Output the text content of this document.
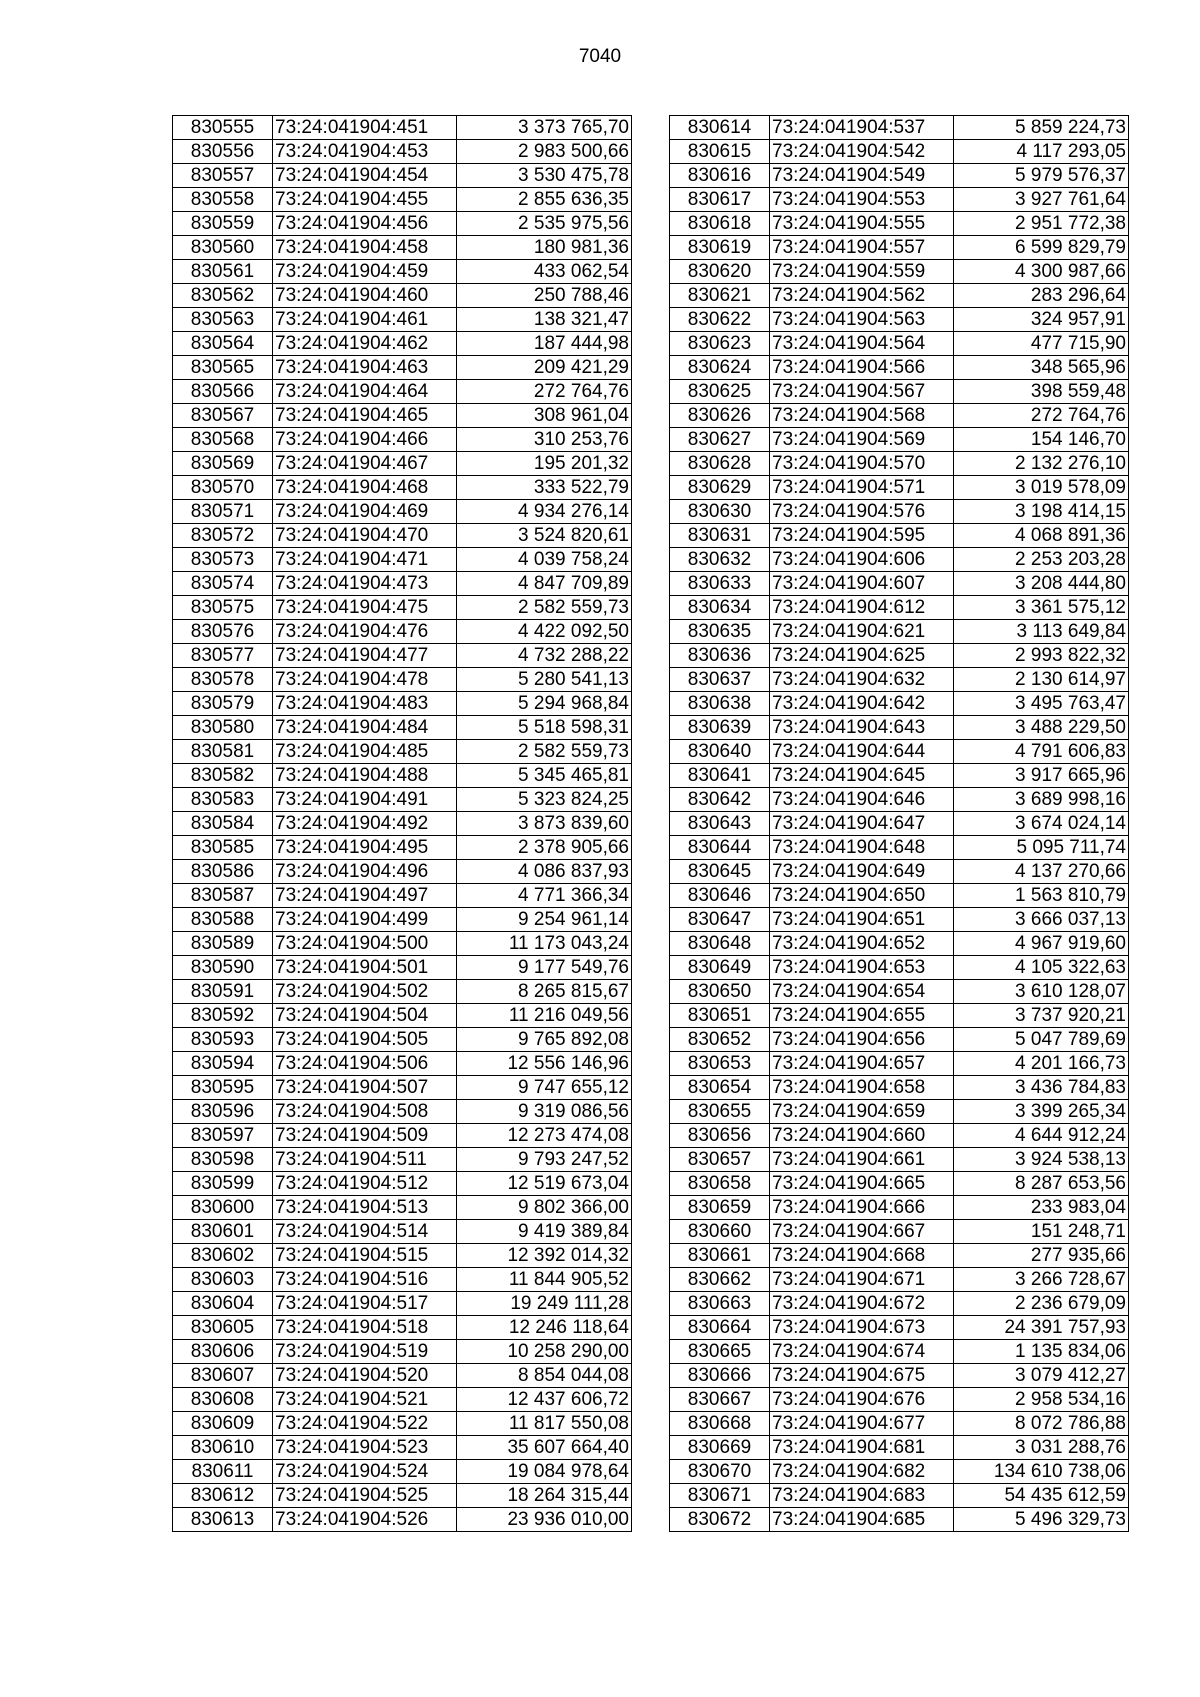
7040
830555	73:24:041904:451	3 373 765,70
830556	73:24:041904:453	2 983 500,66
830557	73:24:041904:454	3 530 475,78
830558	73:24:041904:455	2 855 636,35
830559	73:24:041904:456	2 535 975,56
830560	73:24:041904:458	180 981,36
830561	73:24:041904:459	433 062,54
830562	73:24:041904:460	250 788,46
830563	73:24:041904:461	138 321,47
830564	73:24:041904:462	187 444,98
830565	73:24:041904:463	209 421,29
830566	73:24:041904:464	272 764,76
830567	73:24:041904:465	308 961,04
830568	73:24:041904:466	310 253,76
830569	73:24:041904:467	195 201,32
830570	73:24:041904:468	333 522,79
830571	73:24:041904:469	4 934 276,14
830572	73:24:041904:470	3 524 820,61
830573	73:24:041904:471	4 039 758,24
830574	73:24:041904:473	4 847 709,89
830575	73:24:041904:475	2 582 559,73
830576	73:24:041904:476	4 422 092,50
830577	73:24:041904:477	4 732 288,22
830578	73:24:041904:478	5 280 541,13
830579	73:24:041904:483	5 294 968,84
830580	73:24:041904:484	5 518 598,31
830581	73:24:041904:485	2 582 559,73
830582	73:24:041904:488	5 345 465,81
830583	73:24:041904:491	5 323 824,25
830584	73:24:041904:492	3 873 839,60
830585	73:24:041904:495	2 378 905,66
830586	73:24:041904:496	4 086 837,93
830587	73:24:041904:497	4 771 366,34
830588	73:24:041904:499	9 254 961,14
830589	73:24:041904:500	11 173 043,24
830590	73:24:041904:501	9 177 549,76
830591	73:24:041904:502	8 265 815,67
830592	73:24:041904:504	11 216 049,56
830593	73:24:041904:505	9 765 892,08
830594	73:24:041904:506	12 556 146,96
830595	73:24:041904:507	9 747 655,12
830596	73:24:041904:508	9 319 086,56
830597	73:24:041904:509	12 273 474,08
830598	73:24:041904:511	9 793 247,52
830599	73:24:041904:512	12 519 673,04
830600	73:24:041904:513	9 802 366,00
830601	73:24:041904:514	9 419 389,84
830602	73:24:041904:515	12 392 014,32
830603	73:24:041904:516	11 844 905,52
830604	73:24:041904:517	19 249 111,28
830605	73:24:041904:518	12 246 118,64
830606	73:24:041904:519	10 258 290,00
830607	73:24:041904:520	8 854 044,08
830608	73:24:041904:521	12 437 606,72
830609	73:24:041904:522	11 817 550,08
830610	73:24:041904:523	35 607 664,40
830611	73:24:041904:524	19 084 978,64
830612	73:24:041904:525	18 264 315,44
830613	73:24:041904:526	23 936 010,00
830614	73:24:041904:537	5 859 224,73
830615	73:24:041904:542	4 117 293,05
830616	73:24:041904:549	5 979 576,37
830617	73:24:041904:553	3 927 761,64
830618	73:24:041904:555	2 951 772,38
830619	73:24:041904:557	6 599 829,79
830620	73:24:041904:559	4 300 987,66
830621	73:24:041904:562	283 296,64
830622	73:24:041904:563	324 957,91
830623	73:24:041904:564	477 715,90
830624	73:24:041904:566	348 565,96
830625	73:24:041904:567	398 559,48
830626	73:24:041904:568	272 764,76
830627	73:24:041904:569	154 146,70
830628	73:24:041904:570	2 132 276,10
830629	73:24:041904:571	3 019 578,09
830630	73:24:041904:576	3 198 414,15
830631	73:24:041904:595	4 068 891,36
830632	73:24:041904:606	2 253 203,28
830633	73:24:041904:607	3 208 444,80
830634	73:24:041904:612	3 361 575,12
830635	73:24:041904:621	3 113 649,84
830636	73:24:041904:625	2 993 822,32
830637	73:24:041904:632	2 130 614,97
830638	73:24:041904:642	3 495 763,47
830639	73:24:041904:643	3 488 229,50
830640	73:24:041904:644	4 791 606,83
830641	73:24:041904:645	3 917 665,96
830642	73:24:041904:646	3 689 998,16
830643	73:24:041904:647	3 674 024,14
830644	73:24:041904:648	5 095 711,74
830645	73:24:041904:649	4 137 270,66
830646	73:24:041904:650	1 563 810,79
830647	73:24:041904:651	3 666 037,13
830648	73:24:041904:652	4 967 919,60
830649	73:24:041904:653	4 105 322,63
830650	73:24:041904:654	3 610 128,07
830651	73:24:041904:655	3 737 920,21
830652	73:24:041904:656	5 047 789,69
830653	73:24:041904:657	4 201 166,73
830654	73:24:041904:658	3 436 784,83
830655	73:24:041904:659	3 399 265,34
830656	73:24:041904:660	4 644 912,24
830657	73:24:041904:661	3 924 538,13
830658	73:24:041904:665	8 287 653,56
830659	73:24:041904:666	233 983,04
830660	73:24:041904:667	151 248,71
830661	73:24:041904:668	277 935,66
830662	73:24:041904:671	3 266 728,67
830663	73:24:041904:672	2 236 679,09
830664	73:24:041904:673	24 391 757,93
830665	73:24:041904:674	1 135 834,06
830666	73:24:041904:675	3 079 412,27
830667	73:24:041904:676	2 958 534,16
830668	73:24:041904:677	8 072 786,88
830669	73:24:041904:681	3 031 288,76
830670	73:24:041904:682	134 610 738,06
830671	73:24:041904:683	54 435 612,59
830672	73:24:041904:685	5 496 329,73
